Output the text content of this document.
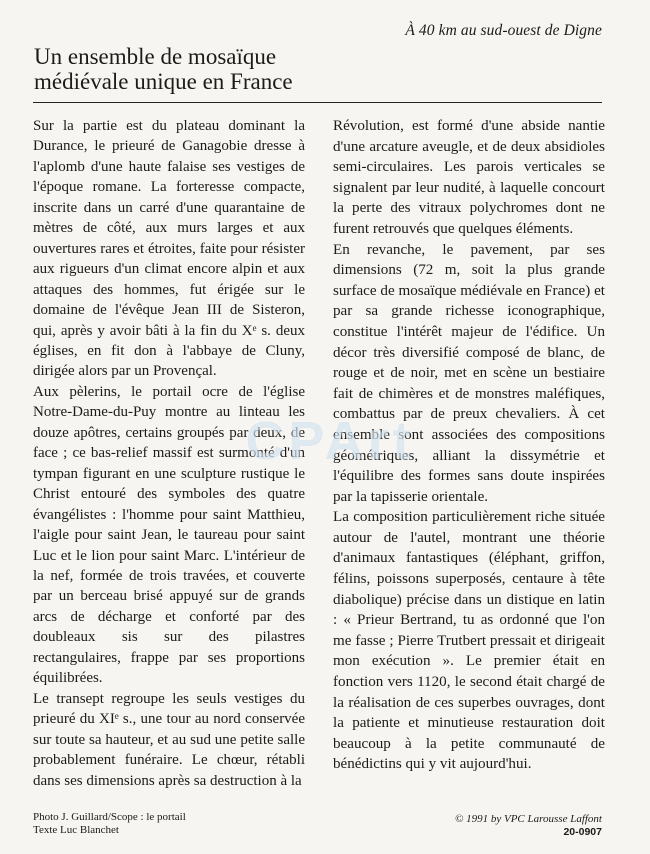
À 40 km au sud-ouest de Digne
Un ensemble de mosaïque
médiévale unique en France

Sur la partie est du plateau dominant la Durance, le prieuré de Ganagobie dresse à l'aplomb d'une haute falaise ses vestiges de l'époque romane. La forteresse compacte, inscrite dans un carré d'une quarantaine de mètres de côté, aux murs larges et aux ouvertures rares et étroites, faite pour résister aux rigueurs d'un climat encore alpin et aux attaques des hommes, fut érigée sur le domaine de l'évêque Jean III de Sisteron, qui, après y avoir bâti à la fin du Xᵉ s. deux églises, en fit don à l'abbaye de Cluny, dirigée alors par un Provençal.

Aux pèlerins, le portail ocre de l'église Notre-Dame-du-Puy montre au linteau les douze apôtres, certains groupés par deux, de face ; ce bas-relief massif est surmonté d'un tympan figurant en une sculpture rustique le Christ entouré des symboles des quatre évangélistes : l'homme pour saint Matthieu, l'aigle pour saint Jean, le taureau pour saint Luc et le lion pour saint Marc. L'intérieur de la nef, formée de trois travées, et couverte par un berceau brisé appuyé sur de grands arcs de décharge et conforté par des doubleaux sis sur des pilastres rectangulaires, frappe par ses proportions équilibrées.

Le transept regroupe les seuls vestiges du prieuré du XIᵉ s., une tour au nord conservée sur toute sa hauteur, et au sud une petite salle probablement funéraire. Le chœur, rétabli dans ses dimensions après sa destruction à la

Révolution, est formé d'une abside nantie d'une arcature aveugle, et de deux absidioles semi-circulaires. Les parois verticales se signalent par leur nudité, à laquelle concourt la perte des vitraux polychromes dont ne furent retrouvés que quelques éléments.

En revanche, le pavement, par ses dimensions (72 m, soit la plus grande surface de mosaïque médiévale en France) et par sa grande richesse iconographique, constitue l'intérêt majeur de l'édifice. Un décor très diversifié composé de blanc, de rouge et de noir, met en scène un bestiaire fait de chimères et de monstres maléfiques, combattus par de preux chevaliers. À cet ensemble sont associées des compositions géométriques, alliant la dissymétrie et l'équilibre des formes sans doute inspirées par la tapisserie orientale.

La composition particulièrement riche située autour de l'autel, montrant une théorie d'animaux fantastiques (éléphant, griffon, félins, poissons superposés, centaure à tête diabolique) précise dans un distique en latin : « Prieur Bertrand, tu as ordonné que l'on me fasse ; Pierre Trutbert pressait et dirigeait mon exécution ». Le premier était en fonction vers 1120, le second était chargé de la réalisation de ces superbes ouvrages, dont la patiente et minutieuse restauration doit beaucoup à la petite communauté de bénédictins qui y vit aujourd'hui.

CPArt
Photo J. Guillard/Scope : le portail
Texte Luc Blanchet
© 1991 by VPC Larousse Laffont
20-0907
